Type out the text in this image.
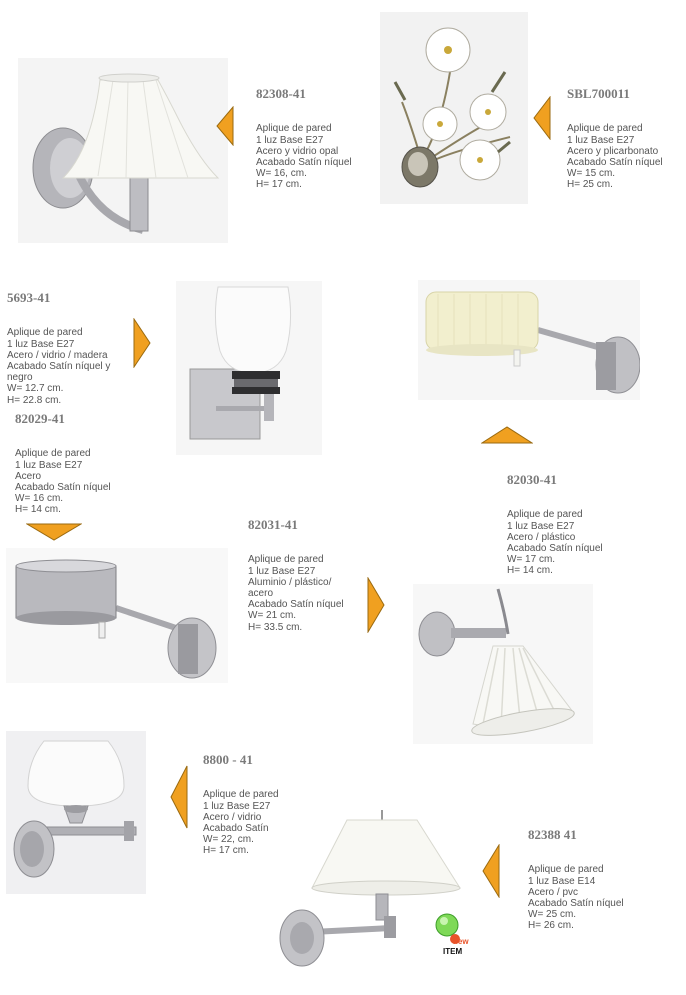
82308-41

Aplique de pared
1 luz Base E27
Acero y vidrio opal
Acabado Satín níquel
W= 16, cm.
H= 17 cm.

SBL700011

Aplique de pared
1 luz Base E27
Acero y plicarbonato
Acabado Satín níquel
W= 15 cm.
H= 25 cm.

5693-41

Aplique de pared
1 luz Base E27
Acero / vidrio / madera
Acabado Satín níquel y
negro
W= 12.7 cm.
H= 22.8 cm.

82029-41

Aplique de pared
1 luz Base E27
Acero
Acabado Satín níquel
W= 16 cm.
H= 14 cm.

82030-41

Aplique de pared
1 luz Base E27
Acero / plástico
Acabado Satín níquel
W= 17 cm.
H= 14 cm.

82031-41

Aplique de pared
1 luz Base E27
Aluminio / plástico/
acero
Acabado Satín níquel
W= 21 cm.
H= 33.5 cm.

8800 - 41

Aplique de pared
1 luz Base E27
Acero / vidrio
Acabado Satín
W= 22, cm.
H= 17 cm.

new
ITEM
82388 41

Aplique de pared
1 luz Base E14
Acero / pvc
Acabado Satín níquel
W= 25 cm.
H= 26 cm.
